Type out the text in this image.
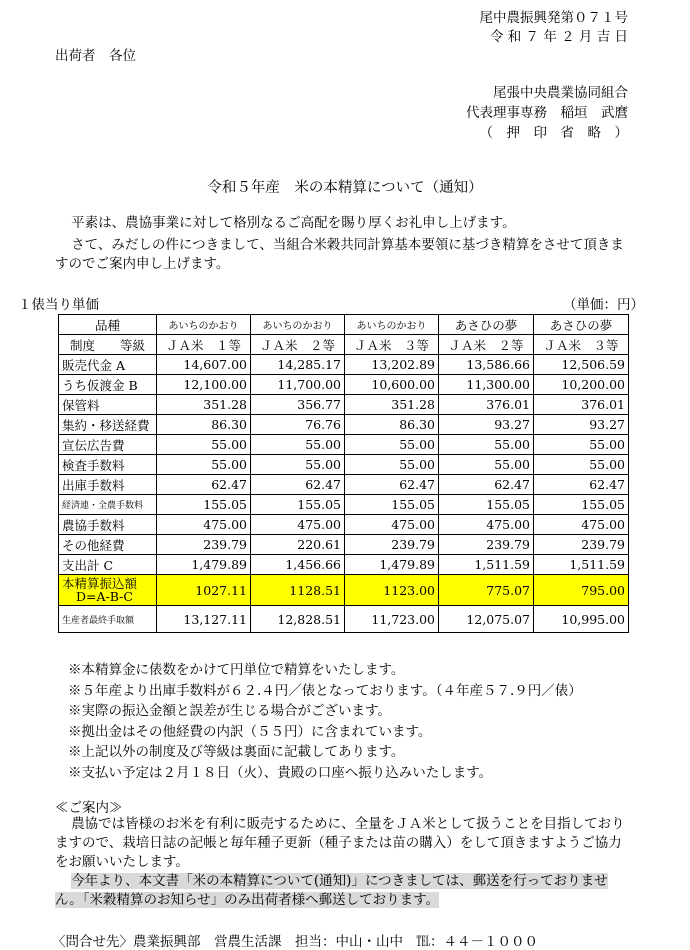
尾中農振興発第０７１号
令 和 ７ 年 ２ 月 吉 日
出荷者　各位
尾張中央農業協同組合
代表理事専務　稲垣　武麿
（　押　印　省　略　）
令和５年産　米の本精算について（通知）
平素は、農協事業に対して格別なるご高配を賜り厚くお礼申し上げます。
さて、みだしの件につきまして、当組合米穀共同計算基本要領に基づき精算をさせて頂きますのでご案内申し上げます。
１俵当り単価	（単価：円）
品種	あいちのかおり	あいちのかおり	あいちのかおり	あさひの夢	あさひの夢
制度　　等級	ＪＡ米　１等	ＪＡ米　２等	ＪＡ米　３等	ＪＡ米　２等	ＪＡ米　３等
販売代金 A	14,607.00	14,285.17	13,202.89	13,586.66	12,506.59
うち仮渡金 B	12,100.00	11,700.00	10,600.00	11,300.00	10,200.00
保管料	351.28	356.77	351.28	376.01	376.01
集約・移送経費	86.30	76.76	86.30	93.27	93.27
宣伝広告費	55.00	55.00	55.00	55.00	55.00
検査手数料	55.00	55.00	55.00	55.00	55.00
出庫手数料	62.47	62.47	62.47	62.47	62.47
経済連・全農手数料	155.05	155.05	155.05	155.05	155.05
農協手数料	475.00	475.00	475.00	475.00	475.00
その他経費	239.79	220.61	239.79	239.79	239.79
支出計 C	1,479.89	1,456.66	1,479.89	1,511.59	1,511.59

本精算振込額
D=A-B-C	1027.11	1128.51	1123.00	775.07	795.00
生産者最終手取額	13,127.11	12,828.51	11,723.00	12,075.07	10,995.00
※本精算金に俵数をかけて円単位で精算をいたします。
※５年産より出庫手数料が６２.４円／俵となっております。（４年産５７.９円／俵）
※実際の振込金額と誤差が生じる場合がございます。
※拠出金はその他経費の内訳（５５円）に含まれています。
※上記以外の制度及び等級は裏面に記載してあります。
※支払い予定は２月１８日（火）、貴殿の口座へ振り込みいたします。
≪ご案内≫
農協では皆様のお米を有利に販売するために、全量をＪＡ米として扱うことを目指しておりますので、栽培日誌の記帳と毎年種子更新（種子または苗の購入）をして頂きますようご協力をお願いいたします。
今年より、本文書「米の本精算について(通知)」につきましては、郵送を行っておりません。「米穀精算のお知らせ」のみ出荷者様へ郵送しております。
〈問合せ先〉農業振興部　営農生活課　担当：中山・山中　℡：４４－１０００
